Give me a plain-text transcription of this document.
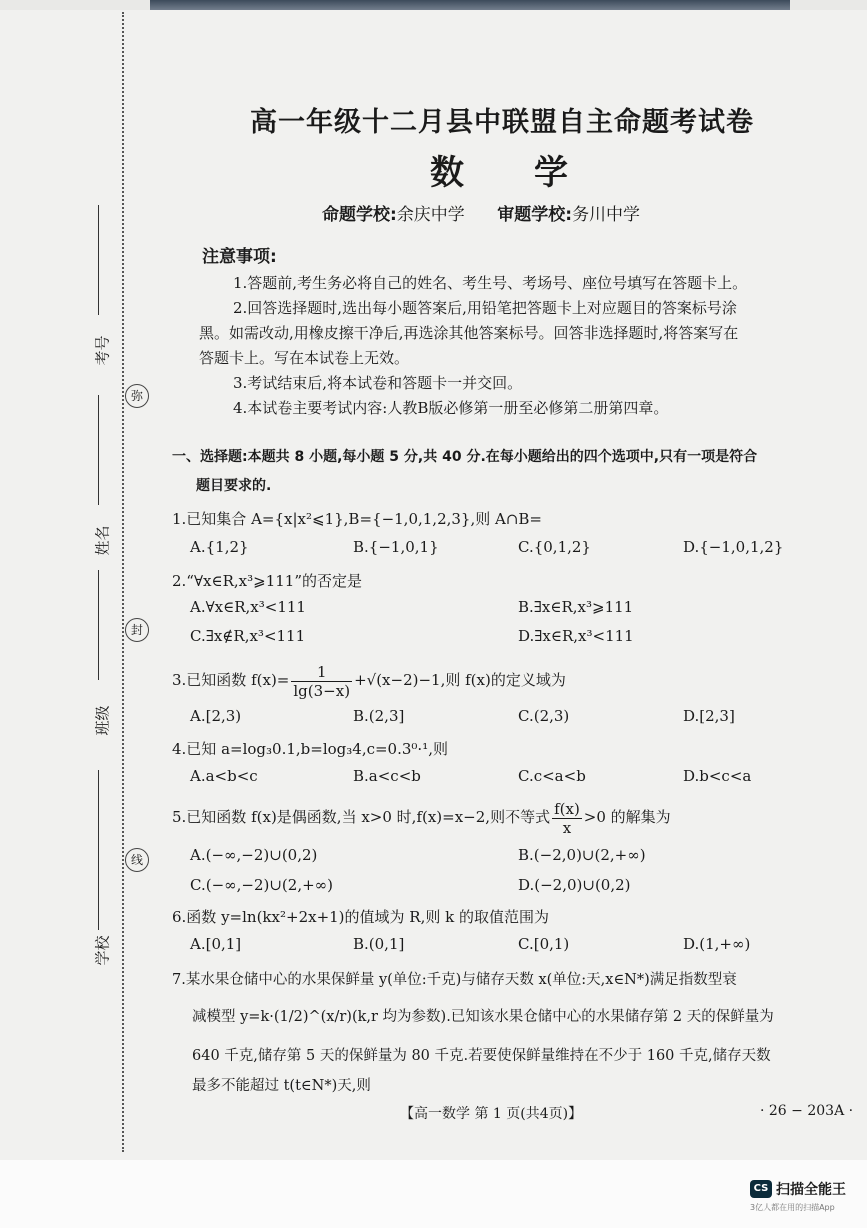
弥
封
线
考号
姓名
班级
学校
高一年级十二月县中联盟自主命题考试卷
数学
命题学校:余庆中学 审题学校:务川中学
注意事项:
1.答题前,考生务必将自己的姓名、考生号、考场号、座位号填写在答题卡上。
2.回答选择题时,选出每小题答案后,用铅笔把答题卡上对应题目的答案标号涂
黑。如需改动,用橡皮擦干净后,再选涂其他答案标号。回答非选择题时,将答案写在
答题卡上。写在本试卷上无效。
3.考试结束后,将本试卷和答题卡一并交回。
4.本试卷主要考试内容:人教B版必修第一册至必修第二册第四章。
一、选择题:本题共 8 小题,每小题 5 分,共 40 分.在每小题给出的四个选项中,只有一项是符合
题目要求的.
1.已知集合 A={x|x²⩽1},B={−1,0,1,2,3},则 A∩B=
A.{1,2}	B.{−1,0,1}	C.{0,1,2}	D.{−1,0,1,2}
2.“∀x∈R,x³⩾111”的否定是
A.∀x∈R,x³<111	B.∃x∈R,x³⩾111
C.∃x∉R,x³<111	D.∃x∈R,x³<111
3.已知函数 $f(x)= \frac{1}{\lg(3-x)} +√(x-2)-1$,则 f(x)的定义域为
A.[2,3)	B.(2,3]	C.(2,3)	D.[2,3]
4.已知 a=log₃0.1,b=log₃4,c=0.3⁰·¹,则
A.a<b<c	B.a<c<b	C.c<a<b	D.b<c<a
5.已知函数 f(x)是偶函数,当 x>0 时,f(x)=x−2,则不等式 $\frac{f(x)}{x} >0$ 的解集为
A.(−∞,−2)∪(0,2)	B.(−2,0)∪(2,+∞)
C.(−∞,−2)∪(2,+∞)	D.(−2,0)∪(0,2)
6.函数 y=ln(kx²+2x+1)的值域为 R,则 k 的取值范围为
A.[0,1]	B.(0,1]	C.[0,1)	D.(1,+∞)
7.某水果仓储中心的水果保鲜量 y(单位:千克)与储存天数 x(单位:天,x∈N*)满足指数型衰
减模型 y=k·(1/2)^(x/r)(k,r 均为参数).已知该水果仓储中心的水果储存第 2 天的保鲜量为
640 千克,储存第 5 天的保鲜量为 80 千克.若要使保鲜量维持在不少于 160 千克,储存天数
最多不能超过 t(t∈N*)天,则
【高一数学 第 1 页(共4页)】	· 26 − 203A ·
CS 扫描全能王
3亿人都在用的扫描App
